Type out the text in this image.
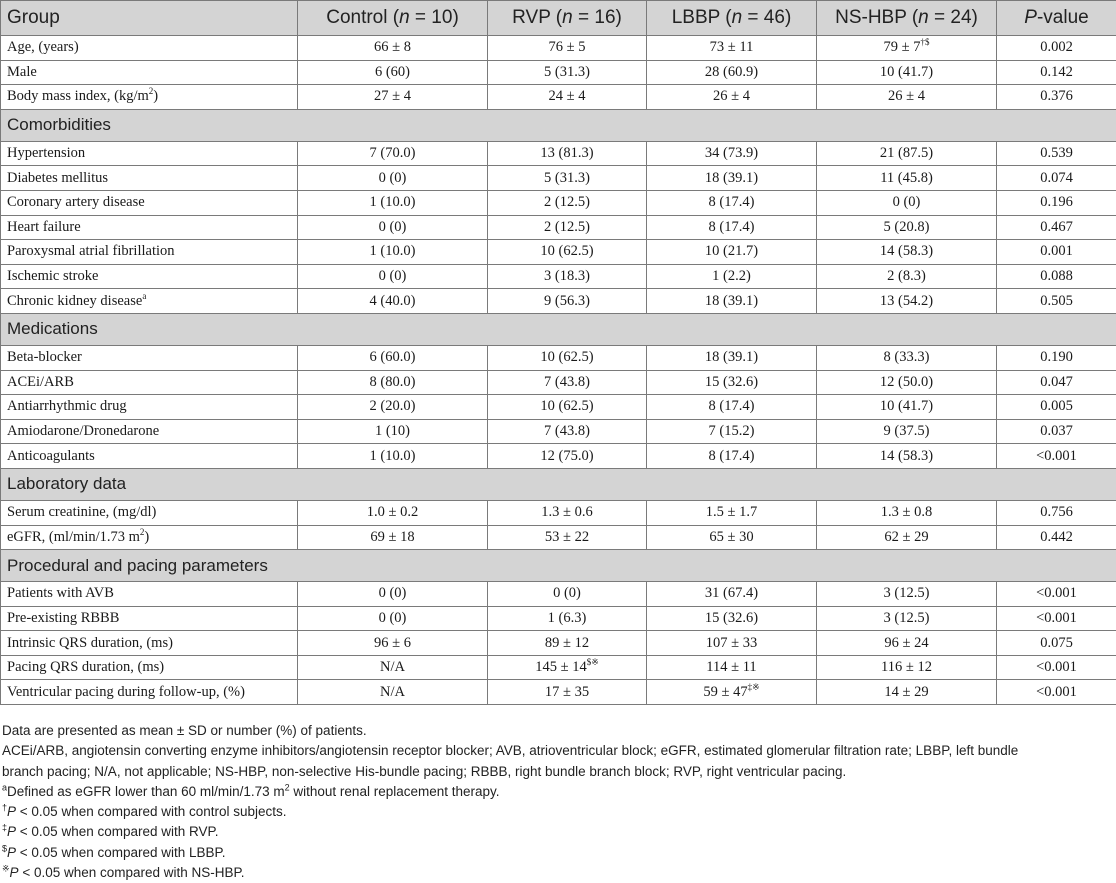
Group	Control (n = 10)	RVP (n = 16)	LBBP (n = 46)	NS-HBP (n = 24)	P-value
Age, (years)	66 ± 8	76 ± 5	73 ± 11	79 ± 7†$	0.002
Male	6 (60)	5 (31.3)	28 (60.9)	10 (41.7)	0.142
Body mass index, $(kg/m^2)$	27 ± 4	24 ± 4	26 ± 4	26 ± 4	0.376
Comorbidities					
Hypertension	7 (70.0)	13 (81.3)	34 (73.9)	21 (87.5)	0.539
Diabetes mellitus	0 (0)	5 (31.3)	18 (39.1)	11 (45.8)	0.074
Coronary artery disease	1 (10.0)	2 (12.5)	8 (17.4)	0 (0)	0.196
Heart failure	0 (0)	2 (12.5)	8 (17.4)	5 (20.8)	0.467
Paroxysmal atrial fibrillation	1 (10.0)	10 (62.5)	10 (21.7)	14 (58.3)	0.001
Ischemic stroke	0 (0)	3 (18.3)	1 (2.2)	2 (8.3)	0.088
Chronic kidney disease$^a$	4 (40.0)	9 (56.3)	18 (39.1)	13 (54.2)	0.505
Medications					
Beta-blocker	6 (60.0)	10 (62.5)	18 (39.1)	8 (33.3)	0.190
ACEi/ARB	8 (80.0)	7 (43.8)	15 (32.6)	12 (50.0)	0.047
Antiarrhythmic drug	2 (20.0)	10 (62.5)	8 (17.4)	10 (41.7)	0.005
Amiodarone/Dronedarone	1 (10)	7 (43.8)	7 (15.2)	9 (37.5)	0.037
Anticoagulants	1 (10.0)	12 (75.0)	8 (17.4)	14 (58.3)	<0.001
Laboratory data					
Serum creatinine, (mg/dl)	1.0 ± 0.2	1.3 ± 0.6	1.5 ± 1.7	1.3 ± 0.8	0.756
eGFR, (ml/min/1.73 $m^2$)	69 ± 18	53 ± 22	65 ± 30	62 ± 29	0.442
Procedural and pacing parameters					
Patients with AVB	0 (0)	0 (0)	31 (67.4)	3 (12.5)	<0.001
Pre-existing RBBB	0 (0)	1 (6.3)	15 (32.6)	3 (12.5)	<0.001
Intrinsic QRS duration, (ms)	96 ± 6	89 ± 12	107 ± 33	96 ± 24	0.075
Pacing QRS duration, (ms)	N/A	145 ± 14$※	114 ± 11	116 ± 12	<0.001
Ventricular pacing during follow-up, (%)	N/A	17 ± 35	59 ± 47‡※	14 ± 29	<0.001

Data are presented as mean ± SD or number (%) of patients.

ACEi/ARB, angiotensin converting enzyme inhibitors/angiotensin receptor blocker; AVB, atrioventricular block; eGFR, estimated glomerular filtration rate; LBBP, left bundle

branch pacing; N/A, not applicable; NS-HBP, non-selective His-bundle pacing; RBBB, right bundle branch block; RVP, right ventricular pacing.

$^a$Defined as eGFR lower than 60 ml/min/1.73 $m^2$ without renal replacement therapy.

†P < 0.05 when compared with control subjects.

‡P < 0.05 when compared with RVP.

$P < 0.05 when compared with LBBP.

※P < 0.05 when compared with NS-HBP.
